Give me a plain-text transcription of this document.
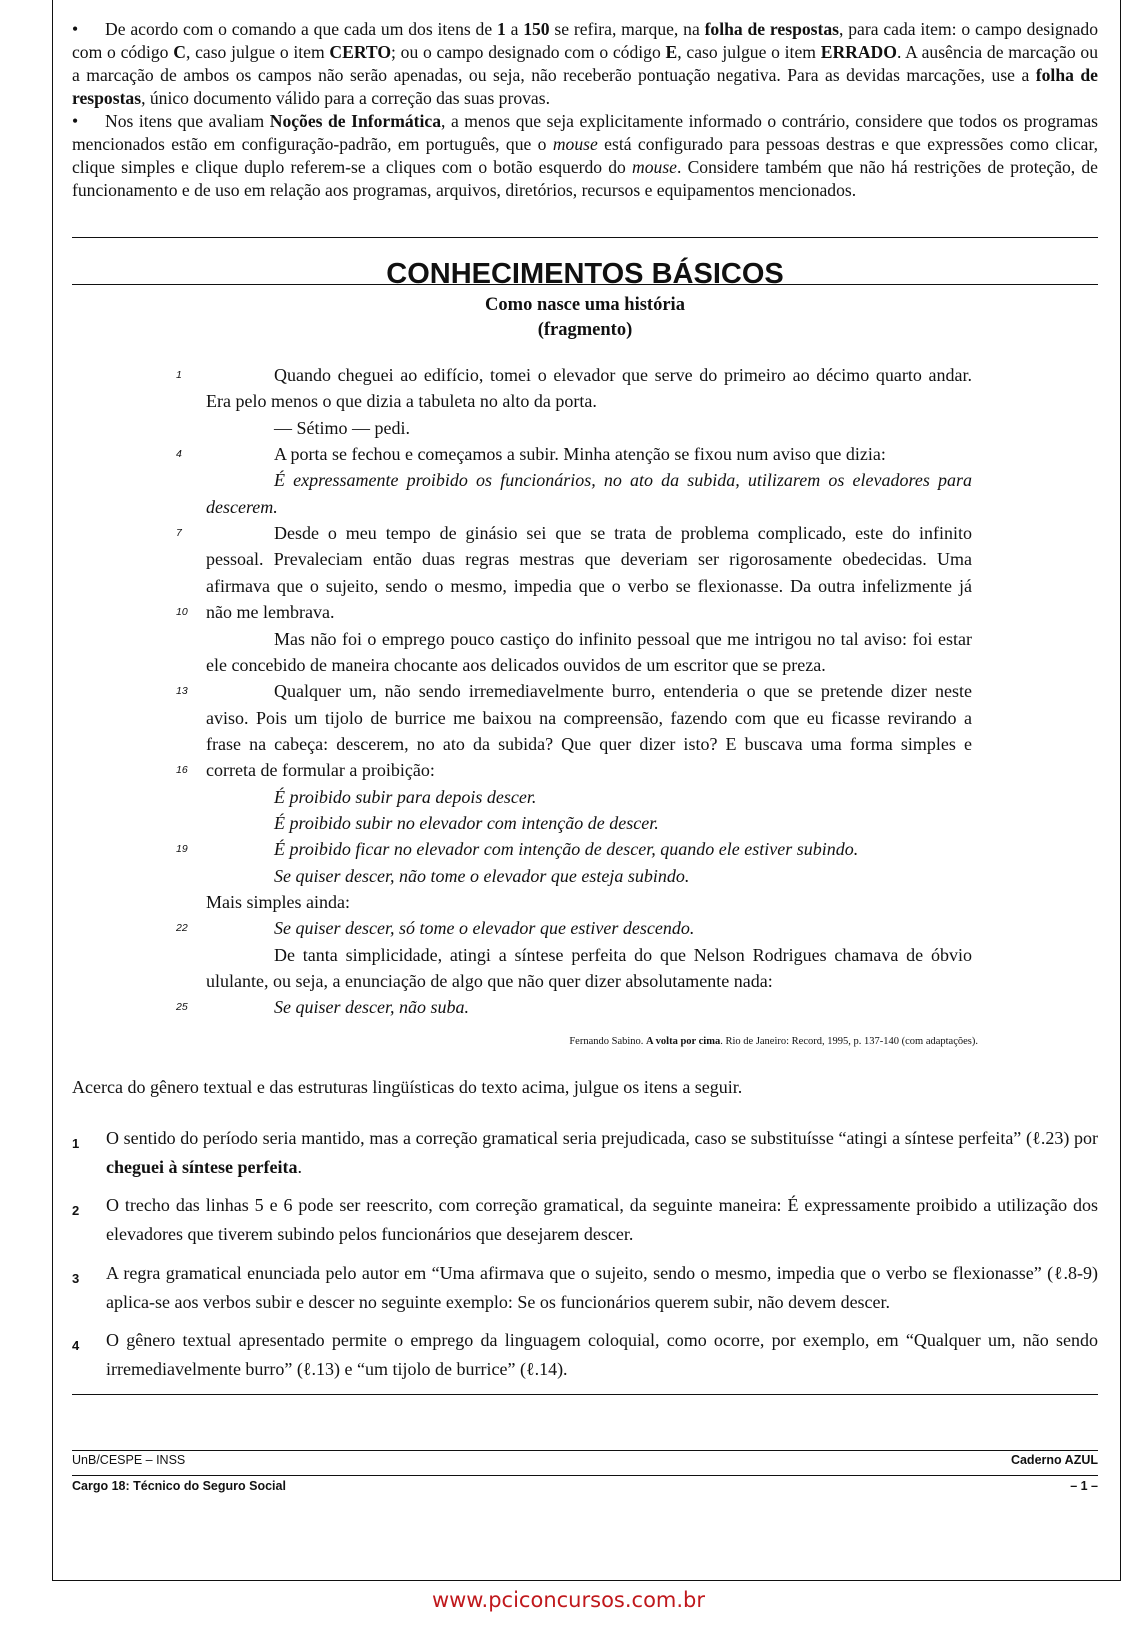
• De acordo com o comando a que cada um dos itens de 1 a 150 se refira, marque, na folha de respostas, para cada item: o campo designado com o código C, caso julgue o item CERTO; ou o campo designado com o código E, caso julgue o item ERRADO. A ausência de marcação ou a marcação de ambos os campos não serão apenadas, ou seja, não receberão pontuação negativa. Para as devidas marcações, use a folha de respostas, único documento válido para a correção das suas provas.

• Nos itens que avaliam Noções de Informática, a menos que seja explicitamente informado o contrário, considere que todos os programas mencionados estão em configuração-padrão, em português, que o mouse está configurado para pessoas destras e que expressões como clicar, clique simples e clique duplo referem-se a cliques com o botão esquerdo do mouse. Considere também que não há restrições de proteção, de funcionamento e de uso em relação aos programas, arquivos, diretórios, recursos e equipamentos mencionados.

CONHECIMENTOS BÁSICOS
Como nasce uma história
(fragmento)
1	Quando cheguei ao edifício, tomei o elevador que serve do primeiro ao décimo quarto andar.
Era pelo menos o que dizia a tabuleta no alto da porta.
— Sétimo — pedi.
4	A porta se fechou e começamos a subir. Minha atenção se fixou num aviso que dizia:
É expressamente proibido os funcionários, no ato da subida, utilizarem os elevadores para
descerem.
7	Desde o meu tempo de ginásio sei que se trata de problema complicado, este do infinito
pessoal. Prevaleciam então duas regras mestras que deveriam ser rigorosamente obedecidas. Uma
afirmava que o sujeito, sendo o mesmo, impedia que o verbo se flexionasse. Da outra infelizmente já
10	não me lembrava.
Mas não foi o emprego pouco castiço do infinito pessoal que me intrigou no tal aviso: foi estar
ele concebido de maneira chocante aos delicados ouvidos de um escritor que se preza.
13	Qualquer um, não sendo irremediavelmente burro, entenderia o que se pretende dizer neste
aviso. Pois um tijolo de burrice me baixou na compreensão, fazendo com que eu ficasse revirando a
frase na cabeça: descerem, no ato da subida? Que quer dizer isto? E buscava uma forma simples e
16	correta de formular a proibição:
É proibido subir para depois descer.
É proibido subir no elevador com intenção de descer.
19	É proibido ficar no elevador com intenção de descer, quando ele estiver subindo.
Se quiser descer, não tome o elevador que esteja subindo.
Mais simples ainda:
22	Se quiser descer, só tome o elevador que estiver descendo.
De tanta simplicidade, atingi a síntese perfeita do que Nelson Rodrigues chamava de óbvio
ululante, ou seja, a enunciação de algo que não quer dizer absolutamente nada:
25	Se quiser descer, não suba.
Fernando Sabino. A volta por cima. Rio de Janeiro: Record, 1995, p. 137-140 (com adaptações).
Acerca do gênero textual e das estruturas lingüísticas do texto acima, julgue os itens a seguir.
1 O sentido do período seria mantido, mas a correção gramatical seria prejudicada, caso se substituísse “atingi a síntese perfeita” (ℓ.23) por cheguei à síntese perfeita.
2 O trecho das linhas 5 e 6 pode ser reescrito, com correção gramatical, da seguinte maneira: É expressamente proibido a utilização dos elevadores que tiverem subindo pelos funcionários que desejarem descer.
3 A regra gramatical enunciada pelo autor em “Uma afirmava que o sujeito, sendo o mesmo, impedia que o verbo se flexionasse” (ℓ.8-9) aplica-se aos verbos subir e descer no seguinte exemplo: Se os funcionários querem subir, não devem descer.
4 O gênero textual apresentado permite o emprego da linguagem coloquial, como ocorre, por exemplo, em “Qualquer um, não sendo irremediavelmente burro” (ℓ.13) e “um tijolo de burrice” (ℓ.14).
UnB/CESPE – INSS	Caderno AZUL
Cargo 18: Técnico do Seguro Social	– 1 –
www.pciconcursos.com.br
